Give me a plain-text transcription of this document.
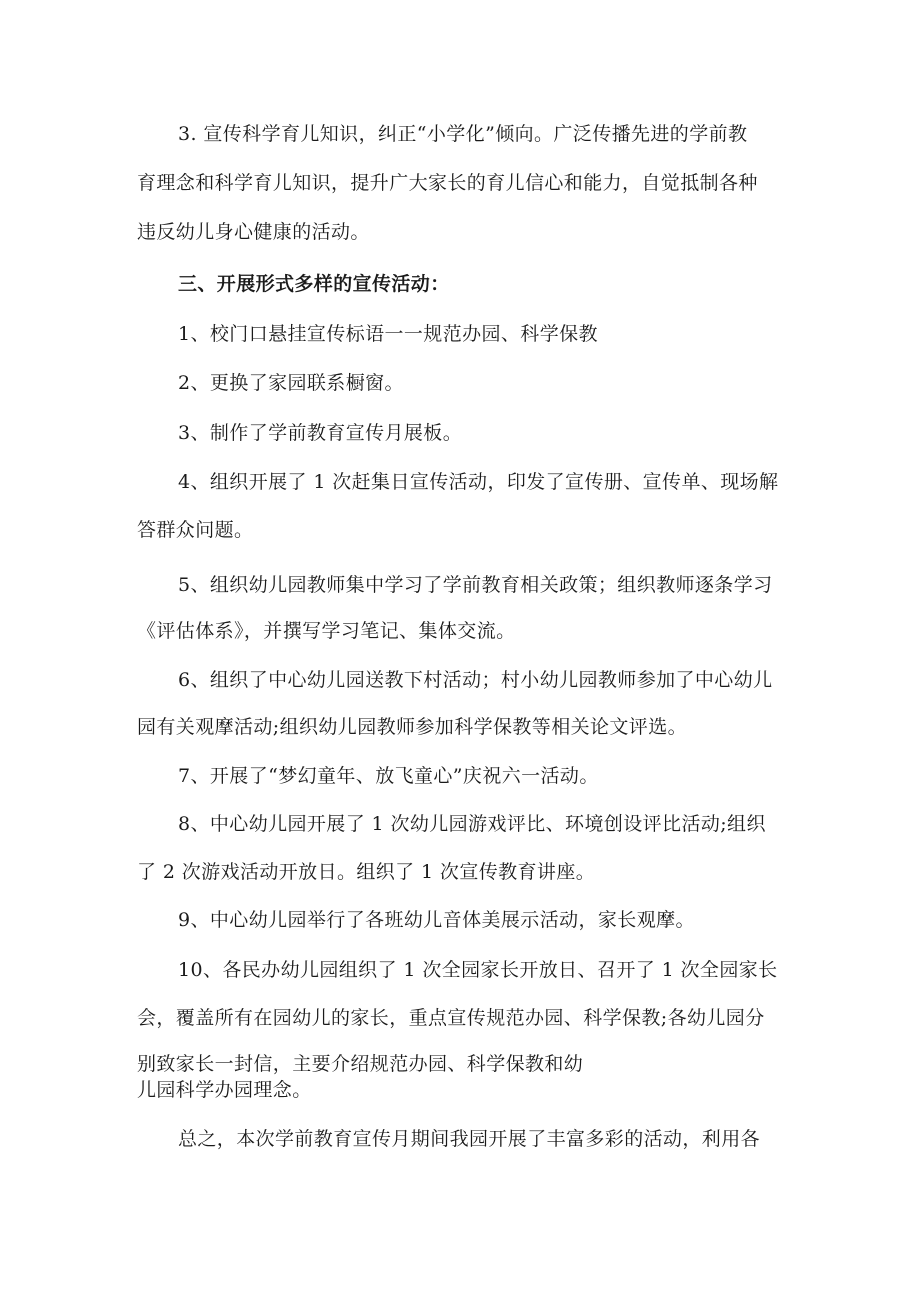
3. 宣传科学育儿知识，纠正“小学化”倾向。广泛传播先进的学前教
育理念和科学育儿知识，提升广大家长的育儿信心和能力，自觉抵制各种
违反幼儿身心健康的活动。
三、开展形式多样的宣传活动：
1、校门口悬挂宣传标语一一规范办园、科学保教
2、更换了家园联系橱窗。
3、制作了学前教育宣传月展板。
4、组织开展了 1 次赶集日宣传活动，印发了宣传册、宣传单、现场解
答群众问题。
5、组织幼儿园教师集中学习了学前教育相关政策；组织教师逐条学习
《评估体系》，并撰写学习笔记、集体交流。
6、组织了中心幼儿园送教下村活动；村小幼儿园教师参加了中心幼儿
园有关观摩活动;组织幼儿园教师参加科学保教等相关论文评选。
7、开展了“梦幻童年、放飞童心”庆祝六一活动。
8、中心幼儿园开展了 1 次幼儿园游戏评比、环境创设评比活动;组织
了 2 次游戏活动开放日。组织了 1 次宣传教育讲座。
9、中心幼儿园举行了各班幼儿音体美展示活动，家长观摩。
10、各民办幼儿园组织了 1 次全园家长开放日、召开了 1 次全园家长
会，覆盖所有在园幼儿的家长，重点宣传规范办园、科学保教;各幼儿园分
别致家长一封信，主要介绍规范办园、科学保教和幼
儿园科学办园理念。
总之，本次学前教育宣传月期间我园开展了丰富多彩的活动，利用各
